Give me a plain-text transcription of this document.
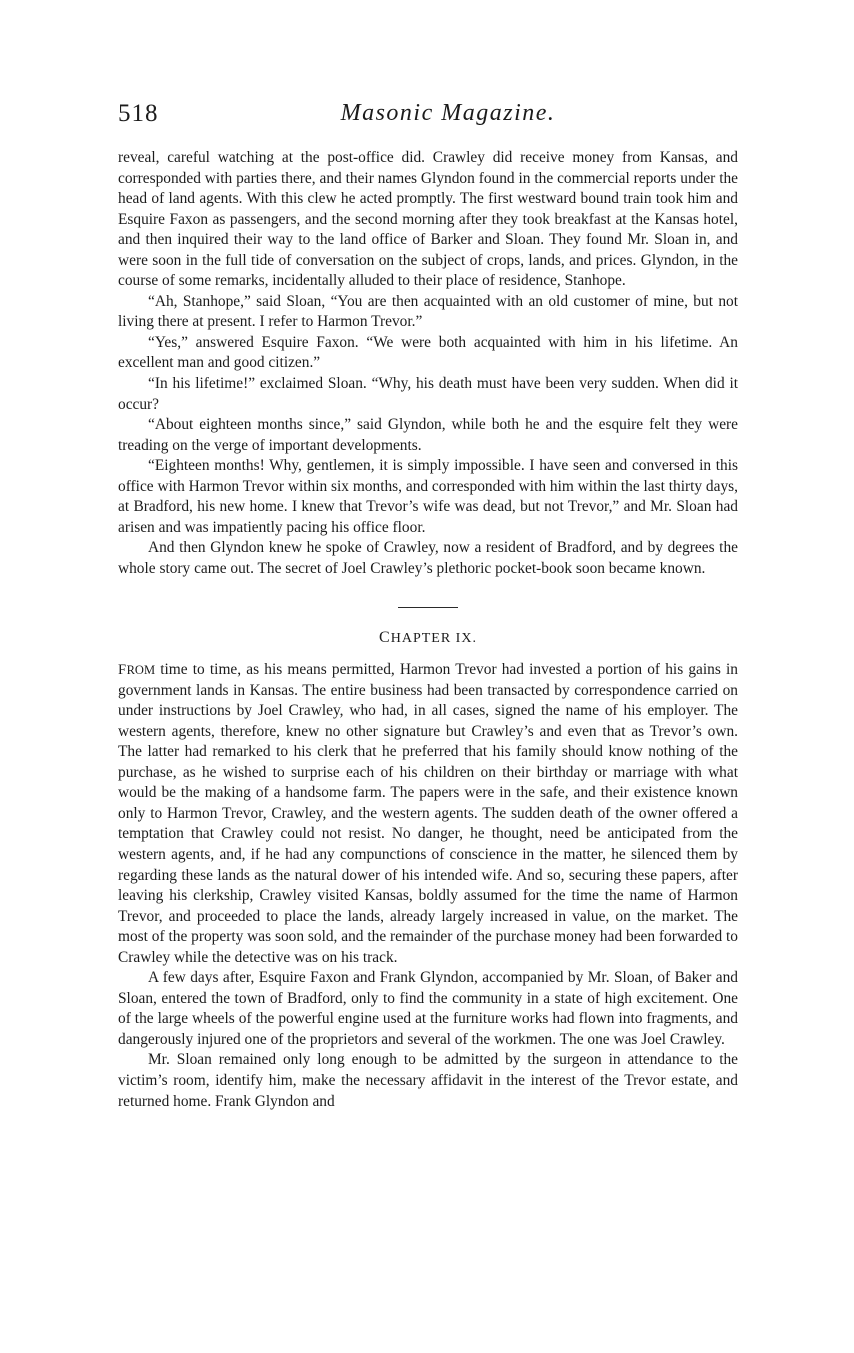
518	Masonic Magazine.

reveal, careful watching at the post-office did. Crawley did receive money from Kansas, and corresponded with parties there, and their names Glyndon found in the commercial reports under the head of land agents. With this clew he acted promptly. The first westward bound train took him and Esquire Faxon as passengers, and the second morning after they took breakfast at the Kansas hotel, and then inquired their way to the land office of Barker and Sloan. They found Mr. Sloan in, and were soon in the full tide of conversation on the subject of crops, lands, and prices. Glyndon, in the course of some remarks, incidentally alluded to their place of residence, Stanhope.

“Ah, Stanhope,” said Sloan, “You are then acquainted with an old customer of mine, but not living there at present. I refer to Harmon Trevor.”

“Yes,” answered Esquire Faxon. “We were both acquainted with him in his lifetime. An excellent man and good citizen.”

“In his lifetime!” exclaimed Sloan. “Why, his death must have been very sudden. When did it occur?

“About eighteen months since,” said Glyndon, while both he and the esquire felt they were treading on the verge of important developments.

“Eighteen months! Why, gentlemen, it is simply impossible. I have seen and conversed in this office with Harmon Trevor within six months, and corresponded with him within the last thirty days, at Bradford, his new home. I knew that Trevor’s wife was dead, but not Trevor,” and Mr. Sloan had arisen and was impatiently pacing his office floor.

And then Glyndon knew he spoke of Crawley, now a resident of Bradford, and by degrees the whole story came out. The secret of Joel Crawley’s plethoric pocket-book soon became known.

CHAPTER IX.

FROM time to time, as his means permitted, Harmon Trevor had invested a portion of his gains in government lands in Kansas. The entire business had been transacted by correspondence carried on under instructions by Joel Crawley, who had, in all cases, signed the name of his employer. The western agents, therefore, knew no other signature but Crawley’s and even that as Trevor’s own. The latter had remarked to his clerk that he preferred that his family should know nothing of the purchase, as he wished to surprise each of his children on their birthday or marriage with what would be the making of a handsome farm. The papers were in the safe, and their existence known only to Harmon Trevor, Crawley, and the western agents. The sudden death of the owner offered a temptation that Crawley could not resist. No danger, he thought, need be anticipated from the western agents, and, if he had any compunctions of conscience in the matter, he silenced them by regarding these lands as the natural dower of his intended wife. And so, securing these papers, after leaving his clerkship, Crawley visited Kansas, boldly assumed for the time the name of Harmon Trevor, and proceeded to place the lands, already largely increased in value, on the market. The most of the property was soon sold, and the remainder of the purchase money had been forwarded to Crawley while the detective was on his track.

A few days after, Esquire Faxon and Frank Glyndon, accompanied by Mr. Sloan, of Baker and Sloan, entered the town of Bradford, only to find the community in a state of high excitement. One of the large wheels of the powerful engine used at the furniture works had flown into fragments, and dangerously injured one of the proprietors and several of the workmen. The one was Joel Crawley.

Mr. Sloan remained only long enough to be admitted by the surgeon in attendance to the victim’s room, identify him, make the necessary affidavit in the interest of the Trevor estate, and returned home. Frank Glyndon and
